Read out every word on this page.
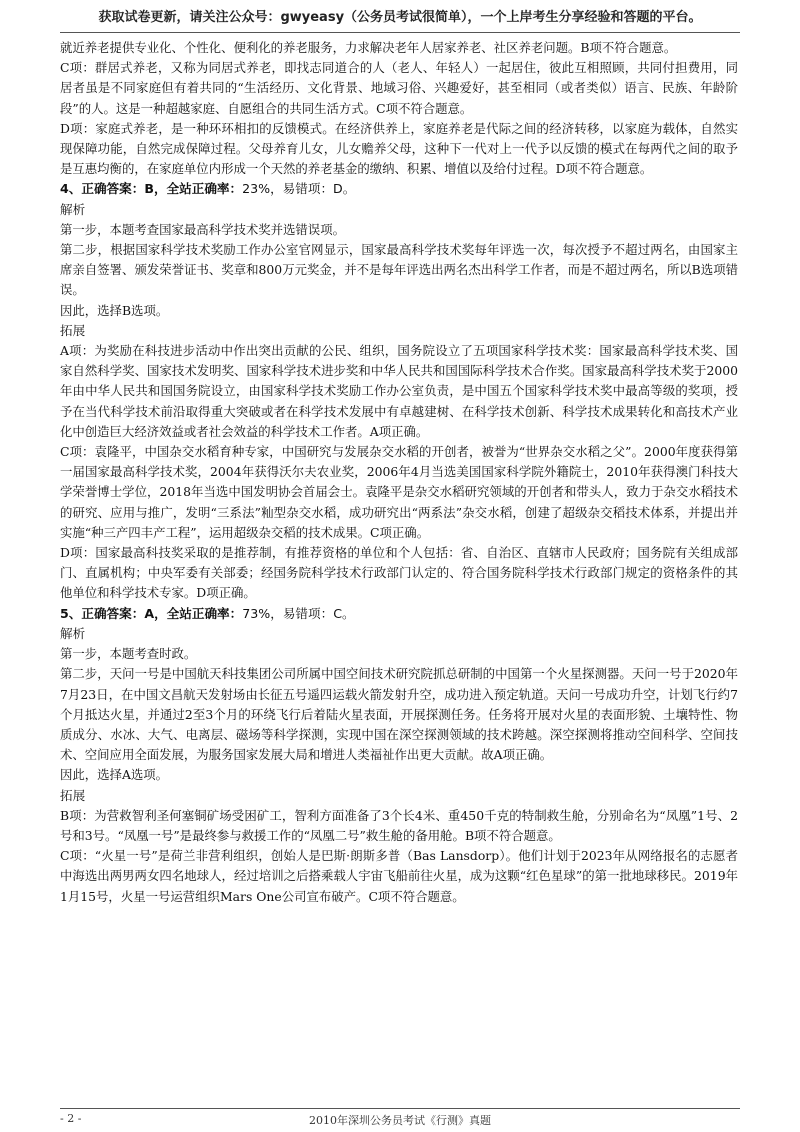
获取试卷更新，请关注公众号：gwyeasy（公务员考试很简单），一个上岸考生分享经验和答题的平台。

就近养老提供专业化、个性化、便利化的养老服务，力求解决老年人居家养老、社区养老问题。B项不符合题意。

C项：群居式养老，又称为同居式养老，即找志同道合的人（老人、年轻人）一起居住，彼此互相照顾，共同付担费用，同居者虽是不同家庭但有着共同的“生活经历、文化背景、地域习俗、兴趣爱好，甚至相同（或者类似）语言、民族、年龄阶段”的人。这是一种超越家庭、自愿组合的共同生活方式。C项不符合题意。

D项：家庭式养老，是一种环环相扣的反馈模式。在经济供养上，家庭养老是代际之间的经济转移，以家庭为载体，自然实现保障功能，自然完成保障过程。父母养育儿女，儿女赡养父母，这种下一代对上一代予以反馈的模式在每两代之间的取予是互惠均衡的，在家庭单位内形成一个天然的养老基金的缴纳、积累、增值以及给付过程。D项不符合题意。

4、正确答案：B，全站正确率：23%，易错项：D。

解析

第一步，本题考查国家最高科学技术奖并选错误项。

第二步，根据国家科学技术奖励工作办公室官网显示，国家最高科学技术奖每年评选一次，每次授予不超过两名，由国家主席亲自签署、颁发荣誉证书、奖章和800万元奖金，并不是每年评选出两名杰出科学工作者，而是不超过两名，所以B选项错误。

因此，选择B选项。

拓展

A项：为奖励在科技进步活动中作出突出贡献的公民、组织，国务院设立了五项国家科学技术奖：国家最高科学技术奖、国家自然科学奖、国家技术发明奖、国家科学技术进步奖和中华人民共和国国际科学技术合作奖。国家最高科学技术奖于2000年由中华人民共和国国务院设立，由国家科学技术奖励工作办公室负责，是中国五个国家科学技术奖中最高等级的奖项，授予在当代科学技术前沿取得重大突破或者在科学技术发展中有卓越建树、在科学技术创新、科学技术成果转化和高技术产业化中创造巨大经济效益或者社会效益的科学技术工作者。A项正确。

C项：袁隆平，中国杂交水稻育种专家，中国研究与发展杂交水稻的开创者，被誉为“世界杂交水稻之父”。2000年度获得第一届国家最高科学技术奖，2004年获得沃尔夫农业奖，2006年4月当选美国国家科学院外籍院士，2010年获得澳门科技大学荣誉博士学位，2018年当选中国发明协会首届会士。袁隆平是杂交水稻研究领域的开创者和带头人，致力于杂交水稻技术的研究、应用与推广，发明“三系法”籼型杂交水稻，成功研究出“两系法”杂交水稻，创建了超级杂交稻技术体系，并提出并实施“种三产四丰产工程”，运用超级杂交稻的技术成果。C项正确。

D项：国家最高科技奖采取的是推荐制，有推荐资格的单位和个人包括：省、自治区、直辖市人民政府；国务院有关组成部门、直属机构；中央军委有关部委；经国务院科学技术行政部门认定的、符合国务院科学技术行政部门规定的资格条件的其他单位和科学技术专家。D项正确。

5、正确答案：A，全站正确率：73%，易错项：C。

解析

第一步，本题考查时政。

第二步，天问一号是中国航天科技集团公司所属中国空间技术研究院抓总研制的中国第一个火星探测器。天问一号于2020年7月23日，在中国文昌航天发射场由长征五号遥四运载火箭发射升空，成功进入预定轨道。天问一号成功升空，计划飞行约7个月抵达火星，并通过2至3个月的环绕飞行后着陆火星表面，开展探测任务。任务将开展对火星的表面形貌、土壤特性、物质成分、水冰、大气、电离层、磁场等科学探测，实现中国在深空探测领域的技术跨越。深空探测将推动空间科学、空间技术、空间应用全面发展，为服务国家发展大局和增进人类福祉作出更大贡献。故A项正确。

因此，选择A选项。

拓展

B项：为营救智利圣何塞铜矿场受困矿工，智利方面准备了3个长4米、重450千克的特制救生舱，分别命名为“凤凰”1号、2号和3号。“凤凰一号”是最终参与救援工作的“凤凰二号”救生舱的备用舱。B项不符合题意。

C项：“火星一号”是荷兰非营利组织，创始人是巴斯·朗斯多普（Bas Lansdorp）。他们计划于2023年从网络报名的志愿者中海选出两男两女四名地球人，经过培训之后搭乘载人宇宙飞船前往火星，成为这颗“红色星球”的第一批地球移民。2019年1月15号，火星一号运营组织Mars One公司宣布破产。C项不符合题意。

- 2 -	2010年深圳公务员考试《行测》真题
